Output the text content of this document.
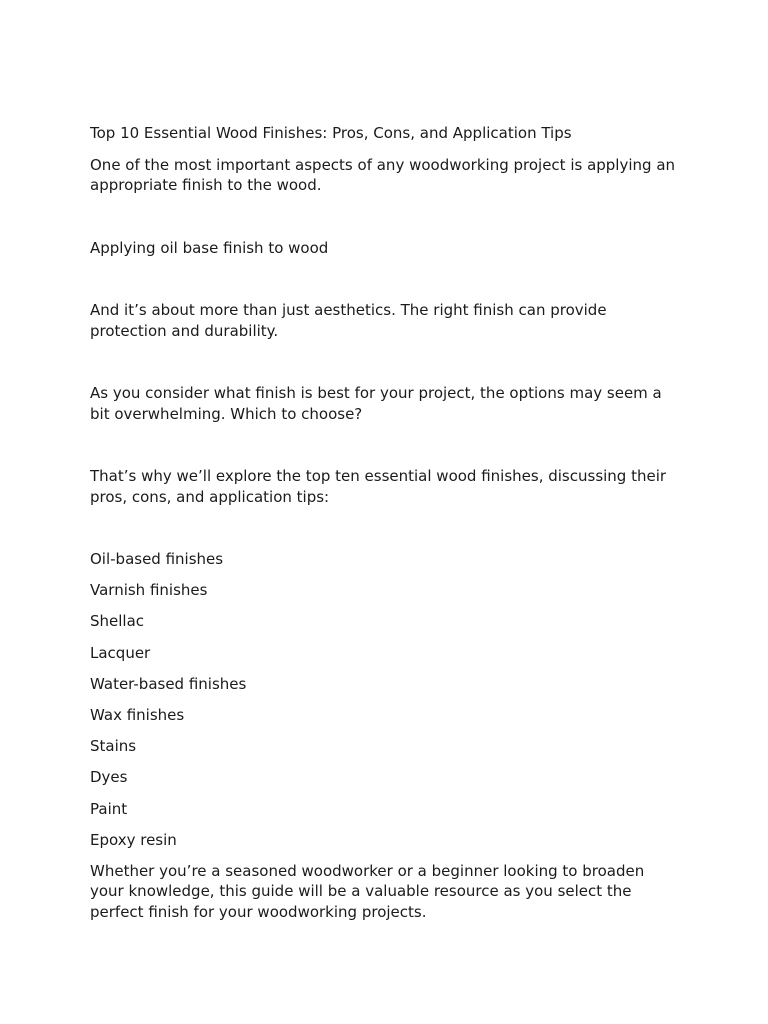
Top 10 Essential Wood Finishes: Pros, Cons, and Application Tips

One of the most important aspects of any woodworking project is applying an appropriate finish to the wood.

Applying oil base finish to wood

And it’s about more than just aesthetics. The right finish can provide protection and durability.

As you consider what finish is best for your project, the options may seem a bit overwhelming. Which to choose?

That’s why we’ll explore the top ten essential wood finishes, discussing their pros, cons, and application tips:

Oil-based finishes
Varnish finishes
Shellac
Lacquer
Water-based finishes
Wax finishes
Stains
Dyes
Paint
Epoxy resin

Whether you’re a seasoned woodworker or a beginner looking to broaden your knowledge, this guide will be a valuable resource as you select the perfect finish for your woodworking projects.
